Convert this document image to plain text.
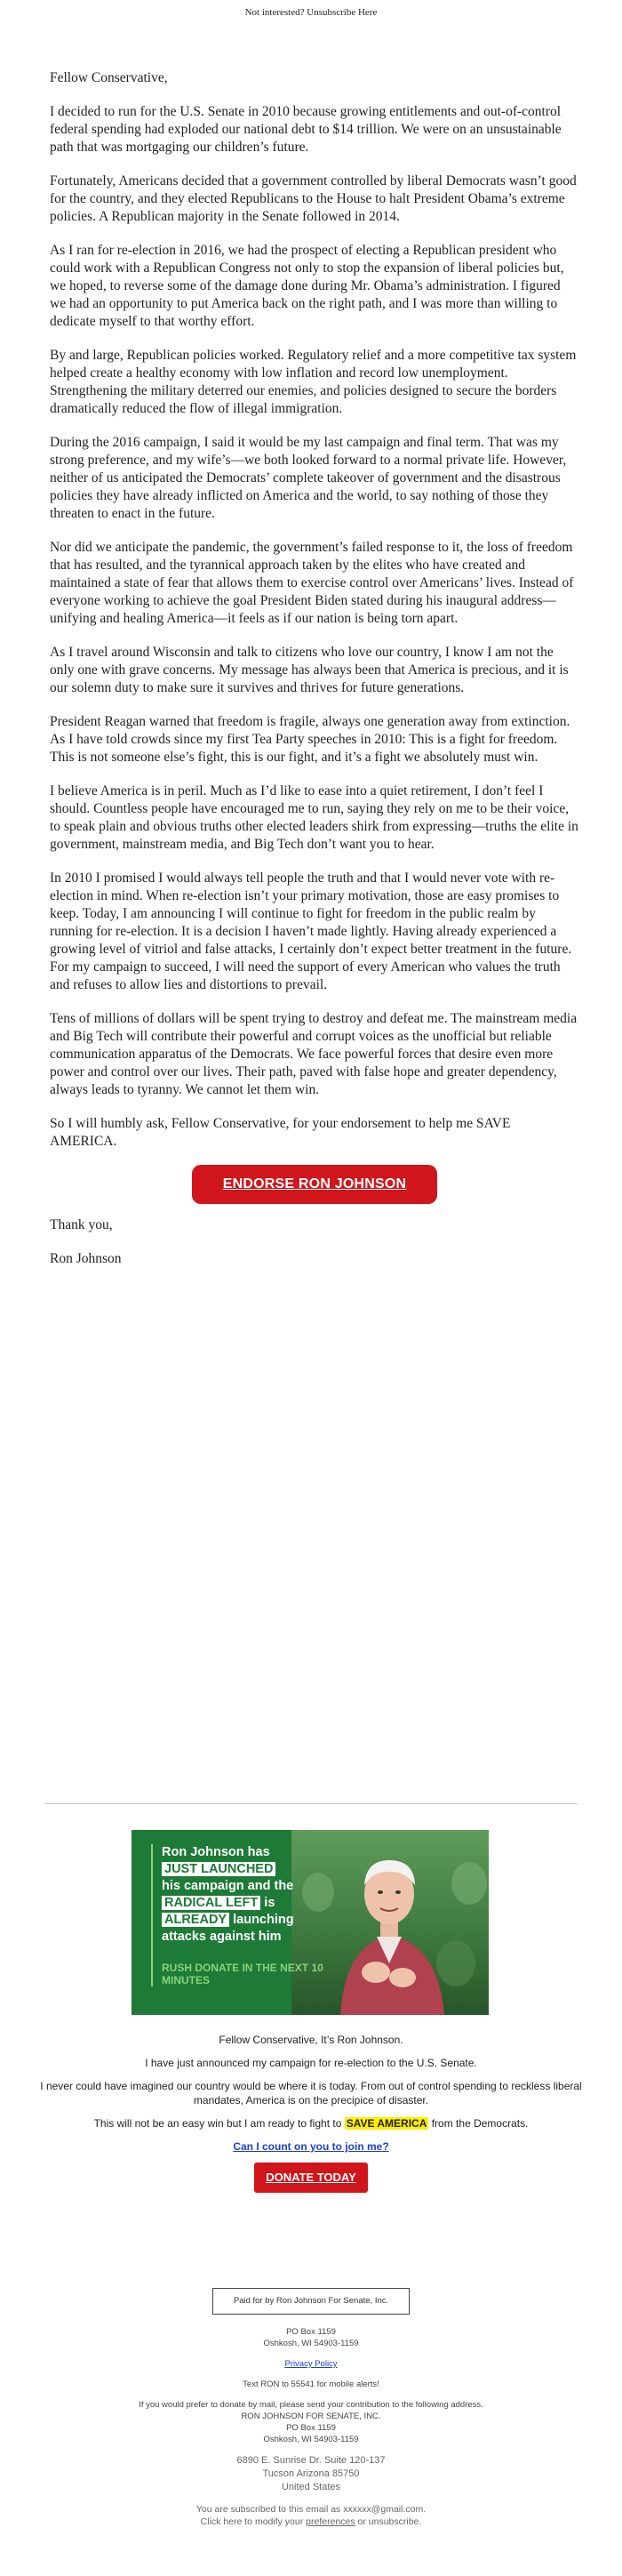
Not interested? Unsubscribe Here

Fellow Conservative,

I decided to run for the U.S. Senate in 2010 because growing entitlements and out-of-control federal spending had exploded our national debt to $14 trillion. We were on an unsustainable path that was mortgaging our children’s future.

Fortunately, Americans decided that a government controlled by liberal Democrats wasn’t good for the country, and they elected Republicans to the House to halt President Obama’s extreme policies. A Republican majority in the Senate followed in 2014.

As I ran for re-election in 2016, we had the prospect of electing a Republican president who could work with a Republican Congress not only to stop the expansion of liberal policies but, we hoped, to reverse some of the damage done during Mr. Obama’s administration. I figured we had an opportunity to put America back on the right path, and I was more than willing to dedicate myself to that worthy effort.

By and large, Republican policies worked. Regulatory relief and a more competitive tax system helped create a healthy economy with low inflation and record low unemployment. Strengthening the military deterred our enemies, and policies designed to secure the borders dramatically reduced the flow of illegal immigration.

During the 2016 campaign, I said it would be my last campaign and final term. That was my strong preference, and my wife’s—we both looked forward to a normal private life. However, neither of us anticipated the Democrats’ complete takeover of government and the disastrous policies they have already inflicted on America and the world, to say nothing of those they threaten to enact in the future.

Nor did we anticipate the pandemic, the government’s failed response to it, the loss of freedom that has resulted, and the tyrannical approach taken by the elites who have created and maintained a state of fear that allows them to exercise control over Americans’ lives. Instead of everyone working to achieve the goal President Biden stated during his inaugural address—unifying and healing America—it feels as if our nation is being torn apart.

As I travel around Wisconsin and talk to citizens who love our country, I know I am not the only one with grave concerns. My message has always been that America is precious, and it is our solemn duty to make sure it survives and thrives for future generations.

President Reagan warned that freedom is fragile, always one generation away from extinction. As I have told crowds since my first Tea Party speeches in 2010: This is a fight for freedom. This is not someone else’s fight, this is our fight, and it’s a fight we absolutely must win.

I believe America is in peril. Much as I’d like to ease into a quiet retirement, I don’t feel I should. Countless people have encouraged me to run, saying they rely on me to be their voice, to speak plain and obvious truths other elected leaders shirk from expressing—truths the elite in government, mainstream media, and Big Tech don’t want you to hear.

In 2010 I promised I would always tell people the truth and that I would never vote with re-election in mind. When re-election isn’t your primary motivation, those are easy promises to keep. Today, I am announcing I will continue to fight for freedom in the public realm by running for re-election. It is a decision I haven’t made lightly. Having already experienced a growing level of vitriol and false attacks, I certainly don’t expect better treatment in the future. For my campaign to succeed, I will need the support of every American who values the truth and refuses to allow lies and distortions to prevail.

Tens of millions of dollars will be spent trying to destroy and defeat me. The mainstream media and Big Tech will contribute their powerful and corrupt voices as the unofficial but reliable communication apparatus of the Democrats. We face powerful forces that desire even more power and control over our lives. Their path, paved with false hope and greater dependency, always leads to tyranny. We cannot let them win.

So I will humbly ask, Fellow Conservative, for your endorsement to help me SAVE AMERICA.

ENDORSE RON JOHNSON

Thank you,

Ron Johnson

Ron Johnson has
JUST LAUNCHED
his campaign and the
RADICAL LEFT is
ALREADY launching attacks against him
RUSH DONATE IN THE NEXT 10 MINUTES

Fellow Conservative, It’s Ron Johnson.

I have just announced my campaign for re-election to the U.S. Senate.

I never could have imagined our country would be where it is today. From out of control spending to reckless liberal mandates, America is on the precipice of disaster.

This will not be an easy win but I am ready to fight to SAVE AMERICA from the Democrats.

Can I count on you to join me?

DONATE TODAY

Paid for by Ron Johnson For Senate, Inc.
PO Box 1159
Oshkosh, WI 54903-1159
Privacy Policy
Text RON to 55541 for mobile alerts!
If you would prefer to donate by mail, please send your contribution to the following address.
RON JOHNSON FOR SENATE, INC.
PO Box 1159
Oshkosh, WI 54903-1159
6890 E. Sunrise Dr. Suite 120-137
Tucson Arizona 85750
United States
You are subscribed to this email as xxxxxx@gmail.com.
Click here to modify your preferences or unsubscribe.
